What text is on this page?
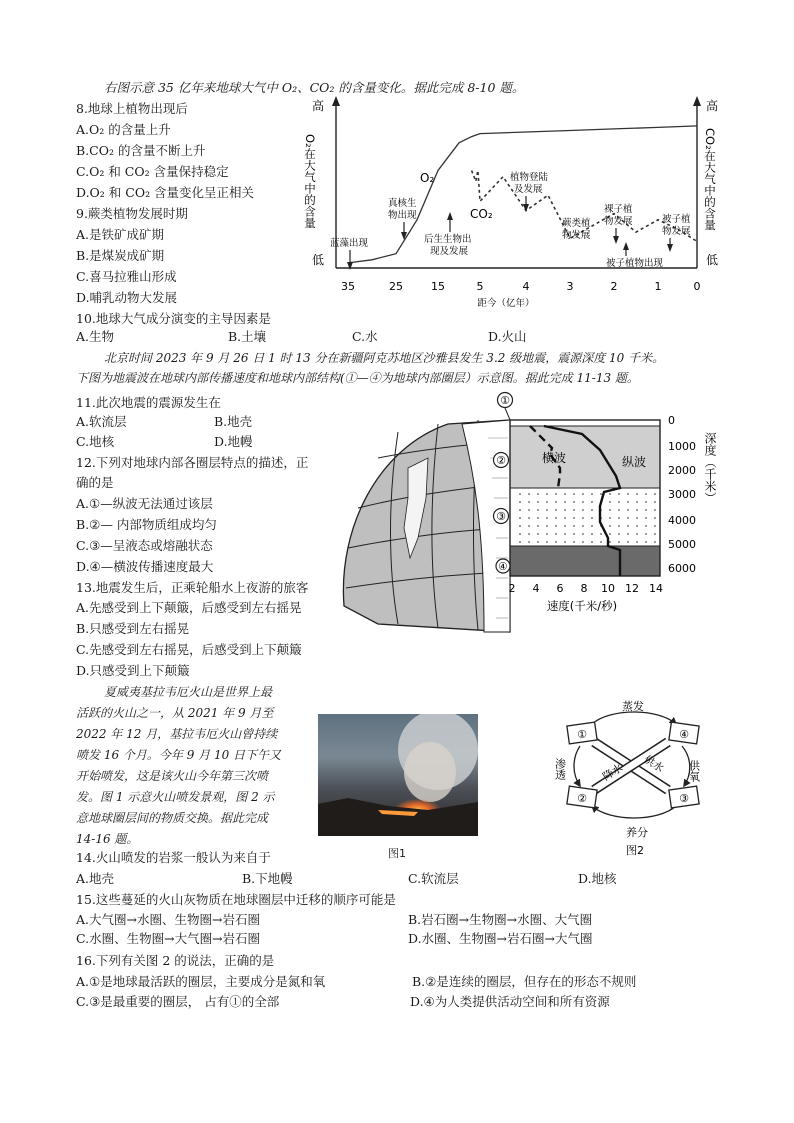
右图示意 35 亿年来地球大气中 O₂、CO₂ 的含量变化。据此完成 8-10 题。
8.地球上植物出现后
A.O₂ 的含量上升
B.CO₂ 的含量不断上升
C.O₂ 和 CO₂ 含量保持稳定
D.O₂ 和 CO₂ 含量变化呈正相关
9.蕨类植物发展时期
A.是铁矿成矿期
B.是煤炭成矿期
C.喜马拉雅山形成
D.哺乳动物大发展
10.地球大气成分演变的主导因素是
A.生物	B.土壤	C.水	D.火山
高
低
O₂在大气中的含量
高
低
CO₂在大气中的含量
35	25	15	5	4	3	2	1	0
距今（亿年）
O₂
CO₂
蓝藻出现
真核生
物出现
后生生物出
现及发展
植物登陆
及发展
蕨类植
物发展
裸子植
物发展	被子植
物发展
被子植物出现
北京时间 2023 年 9 月 26 日 1 时 13 分在新疆阿克苏地区沙雅县发生 3.2 级地震，震源深度 10 千米。
下图为地震波在地球内部传播速度和地球内部结构(①—④为地球内部圈层）示意图。据此完成 11-13 题。
11.此次地震的震源发生在
A.软流层	B.地壳
C.地核	D.地幔
12.下列对地球内部各圈层特点的描述，正
确的是
A.①—纵波无法通过该层
B.②— 内部物质组成均匀
C.③—呈液态或熔融状态
D.④—横波传播速度最大
13.地震发生后，正乘轮船水上夜游的旅客
A.先感受到上下颠簸，后感受到左右摇晃
B.只感受到左右摇晃
C.先感受到左右摇晃，后感受到上下颠簸
D.只感受到上下颠簸
横波	纵波
①
②
③
④
0
1000
2000
3000
4000
5000
6000
深度（千米）
2 4 6 8 10 12 14
速度(千米/秒)
夏威夷基拉韦厄火山是世界上最
活跃的火山之一，从 2021 年 9 月至
2022 年 12 月，基拉韦厄火山曾持续
喷发 16 个月。今年 9 月 10 日下午又
开始喷发，这是该火山今年第三次喷
发。图 1 示意火山喷发景观，图 2 示
意地球圈层间的物质交换。据此完成
14-16 题。
图1
①	④
②	③
蒸发
供氧
渗透
养分
降水 供水
图2
14.火山喷发的岩浆一般认为来自于
A.地壳	B.下地幔	C.软流层	D.地核
15.这些蔓延的火山灰物质在地球圈层中迁移的顺序可能是
A.大气圈→水圈、生物圈→岩石圈	B.岩石圈→生物圈→水圈、大气圈
C.水圈、生物圈→大气圈→岩石圈	D.水圈、生物圈→岩石圈→大气圈
16.下列有关图 2 的说法，正确的是
A.①是地球最活跃的圈层，主要成分是氮和氧	B.②是连续的圈层，但存在的形态不规则
C.③是最重要的圈层， 占有①的全部	D.④为人类提供活动空间和所有资源
